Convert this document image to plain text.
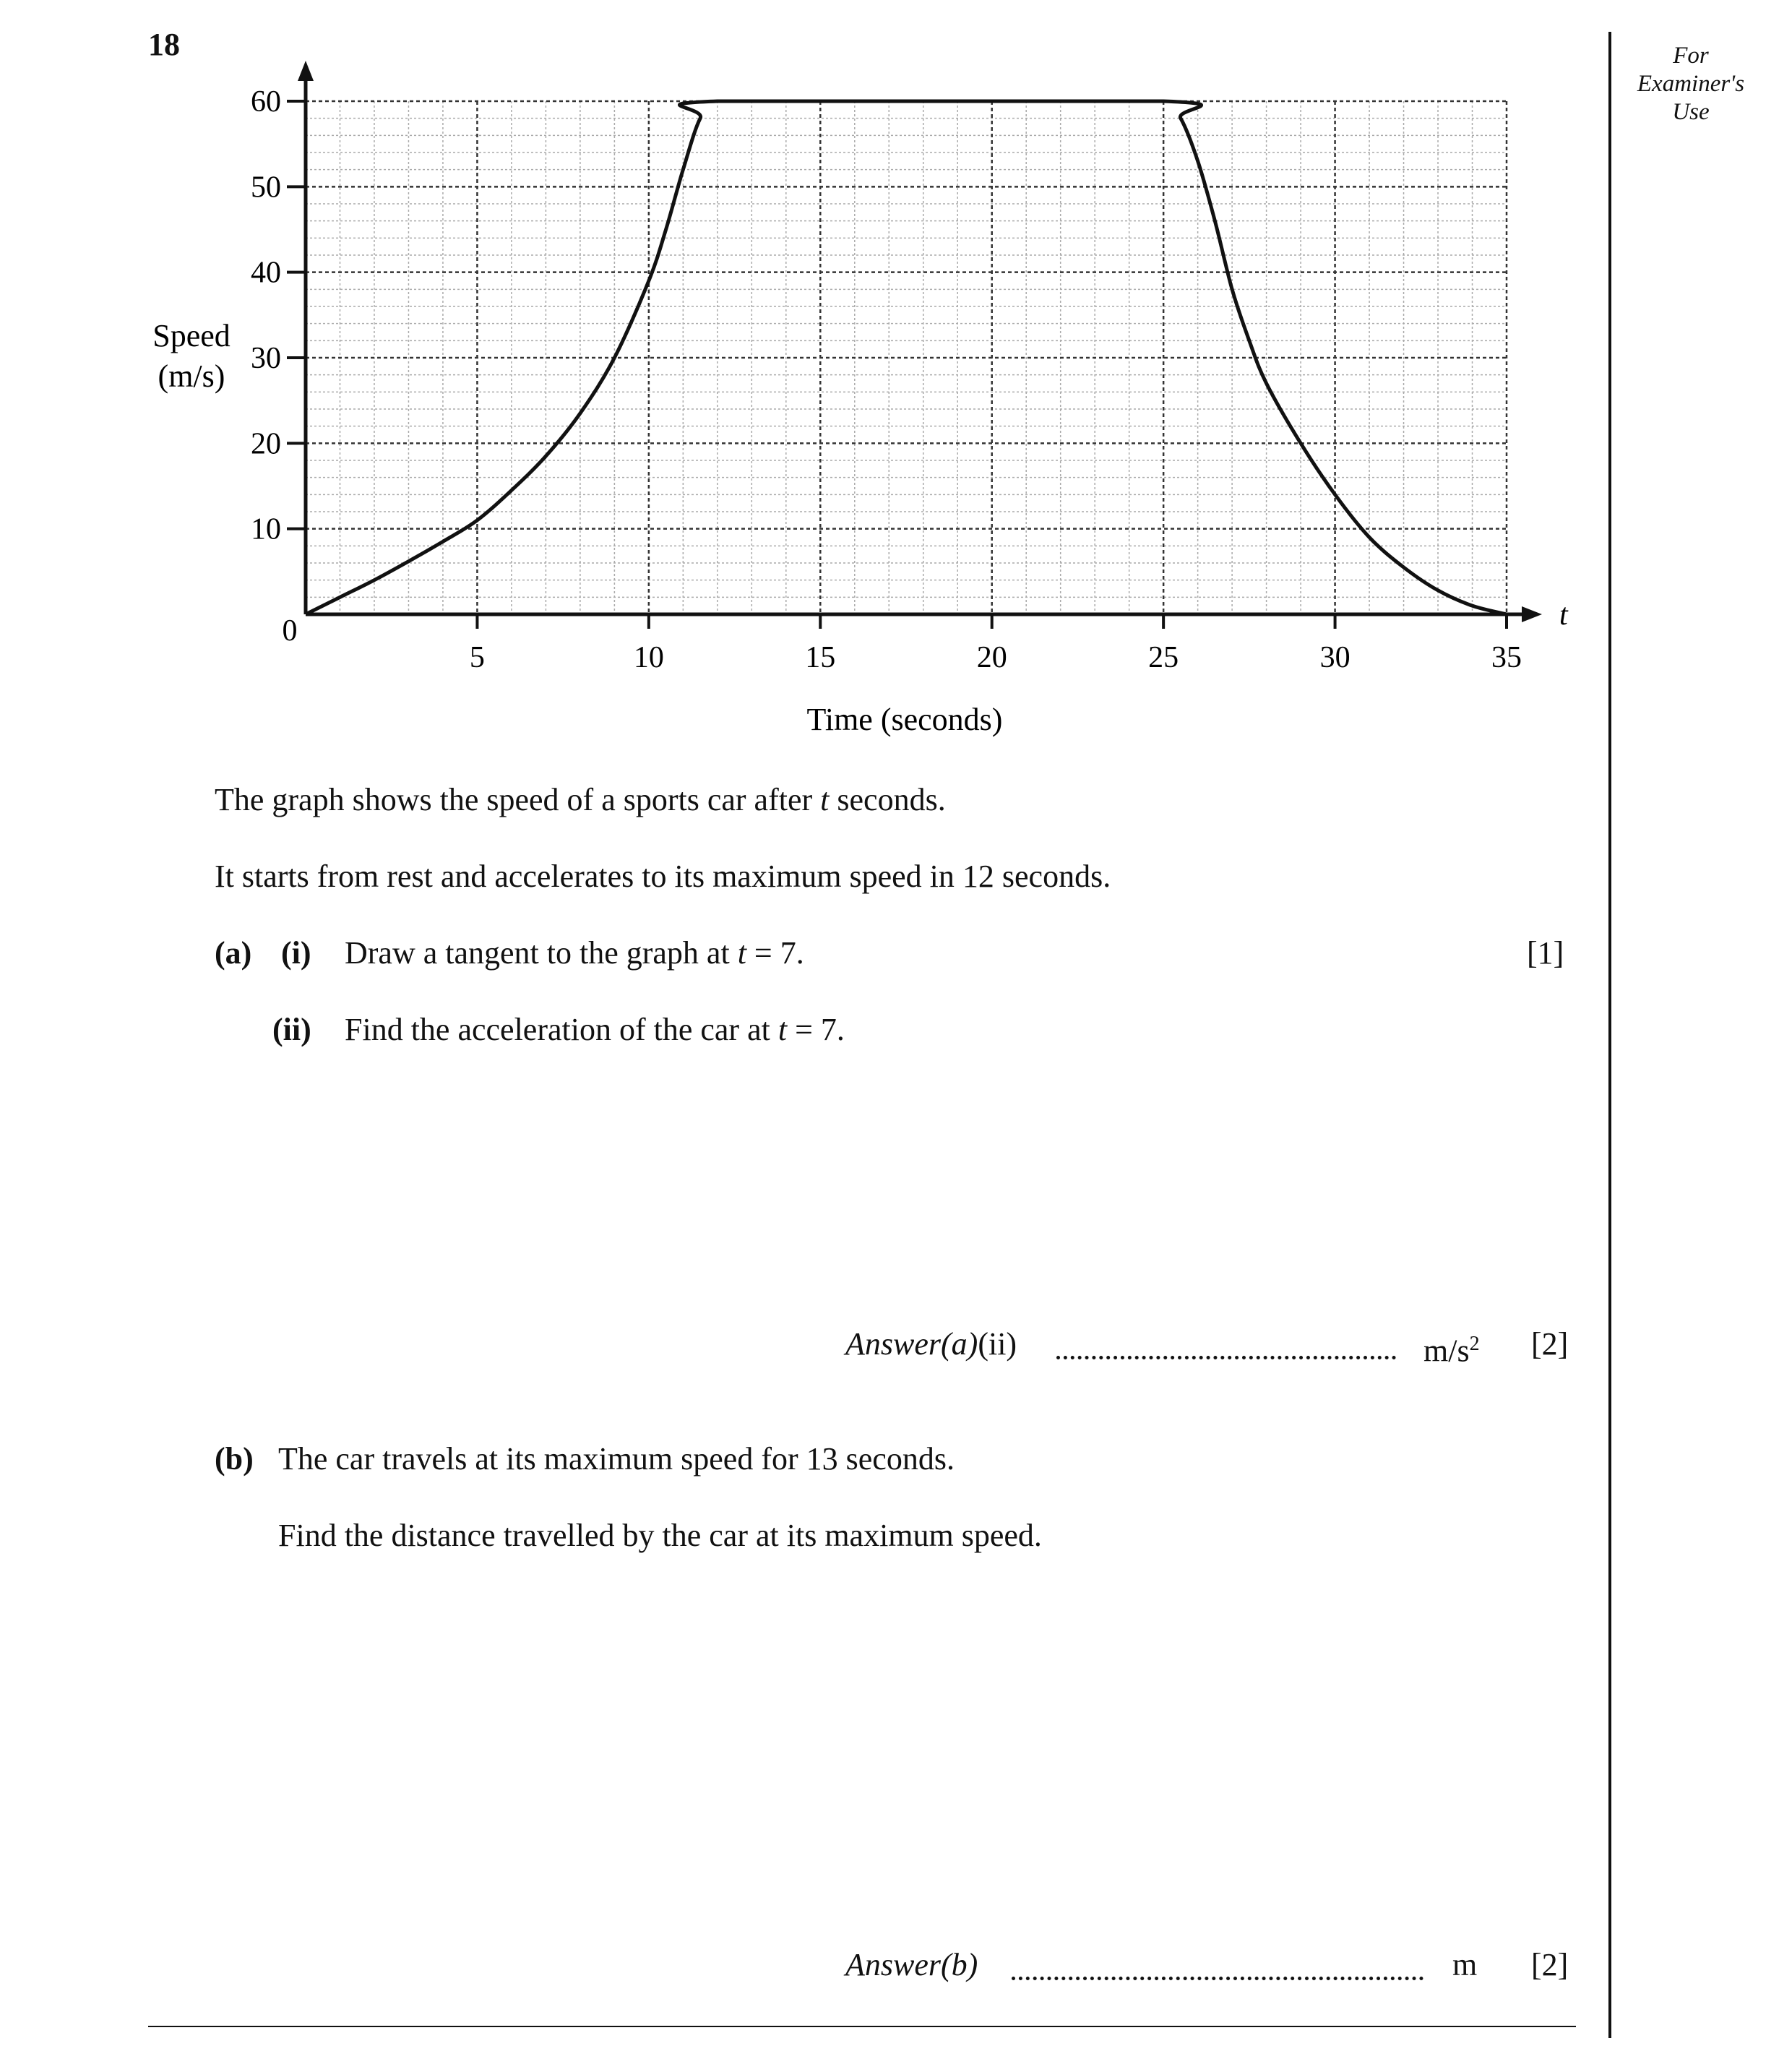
18	For
Examiner's
Use
5	10	15	20	25	30	35
10
20
30
40
50
60
Speed
(m/s)
0	t
Time (seconds)
The graph shows the speed of a sports car after t seconds.
It starts from rest and accelerates to its maximum speed in 12 seconds.
(a) (i) Draw a tangent to the graph at t = 7.	[1]
(ii) Find the acceleration of the car at t = 7.
Answer(a)(ii)	$m/s^2$ [2]
(b) The car travels at its maximum speed for 13 seconds.
Find the distance travelled by the car at its maximum speed.
Answer(b)	m [2]
